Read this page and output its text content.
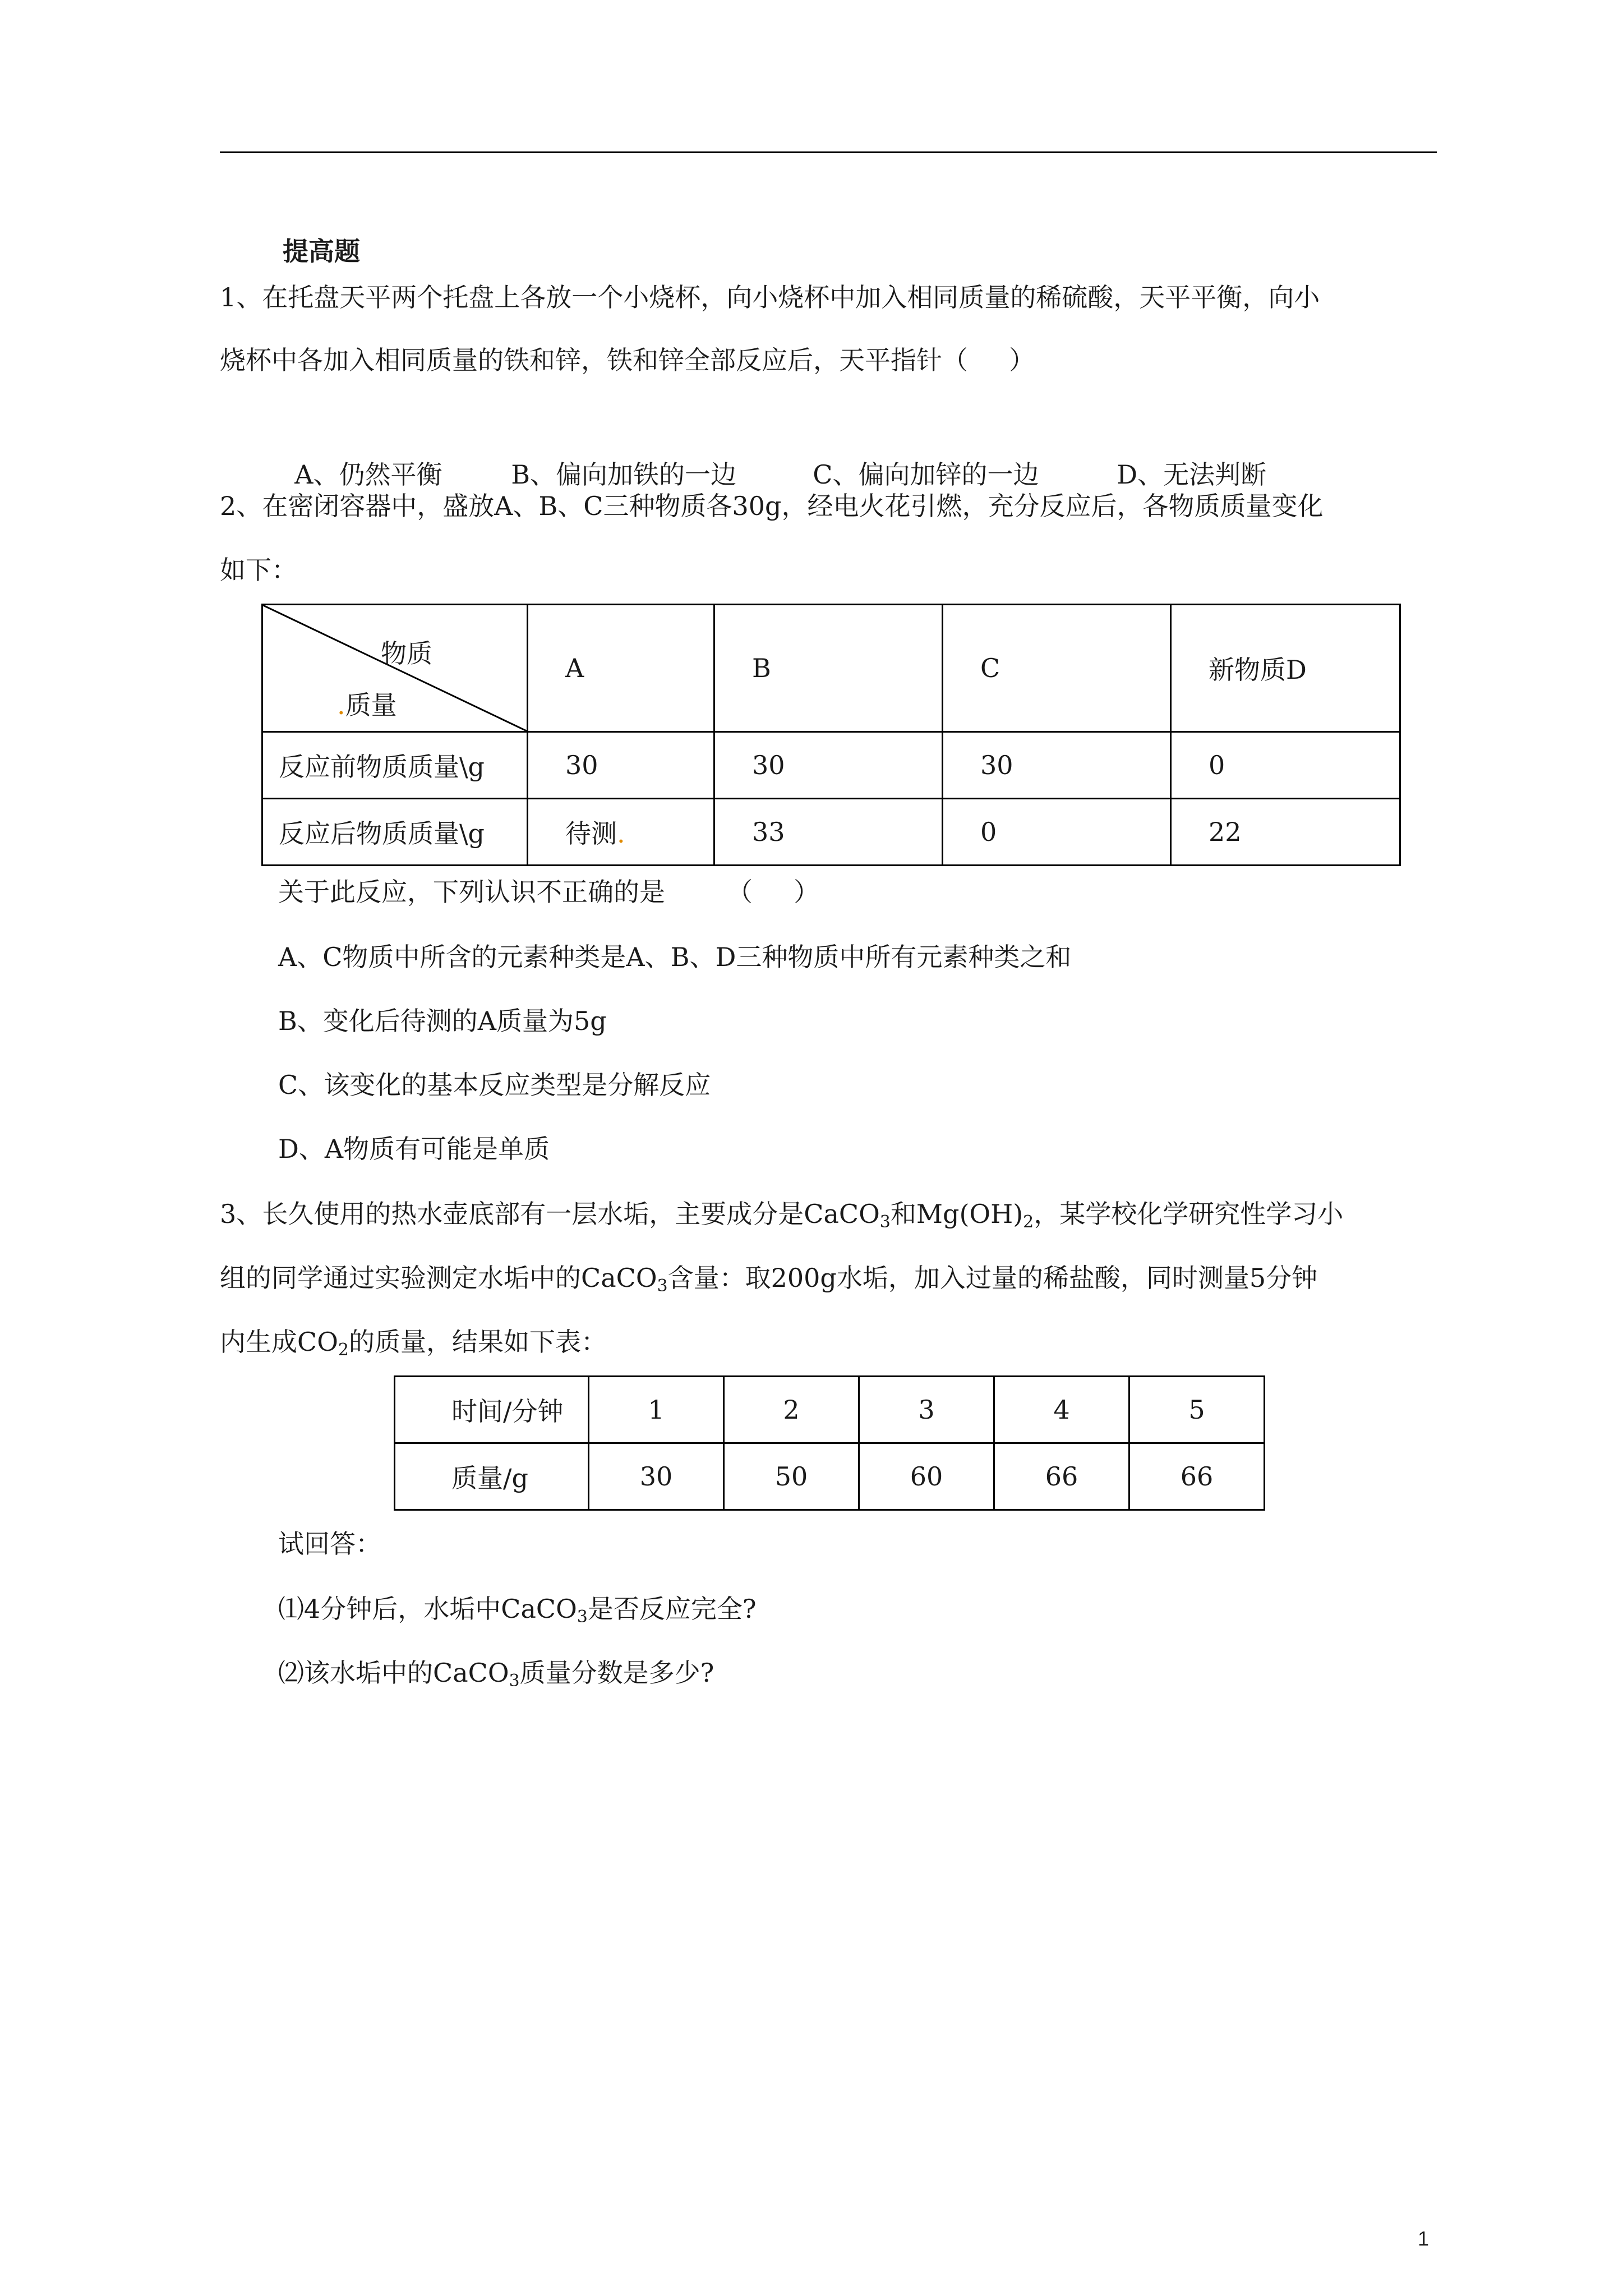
提高题
1、在托盘天平两个托盘上各放一个小烧杯，向小烧杯中加入相同质量的稀硫酸，天平平衡，向小
烧杯中各加入相同质量的铁和锌，铁和锌全部反应后，天平指针（     ）

A、仍然平衡	B、偏向加铁的一边	C、偏向加锌的一边	D、无法判断

2、在密闭容器中，盛放A、B、C三种物质各30g，经电火花引燃，充分反应后，各物质质量变化
如下：
物质
.质量	A	B	C	新物质D
反应前物质质量\g	30	30	30	0
反应后物质质量\g	待测.	33	0	22
关于此反应，下列认识不正确的是 （     ）
A、C物质中所含的元素种类是A、B、D三种物质中所有元素种类之和
B、变化后待测的A质量为5g
C、该变化的基本反应类型是分解反应
D、A物质有可能是单质
3、长久使用的热水壶底部有一层水垢，主要成分是CaCO$_3$和$Mg(OH)_2$，某学校化学研究性学习小
组的同学通过实验测定水垢中的CaCO$_3$含量：取200g水垢，加入过量的稀盐酸，同时测量5分钟
内生成$CO_2$的质量，结果如下表：
时间/分钟	1	2	3	4	5
质量/g	30	50	60	66	66
试回答：
⑴4分钟后，水垢中CaCO$_3$是否反应完全?
⑵该水垢中的CaCO$_3$质量分数是多少?
1
